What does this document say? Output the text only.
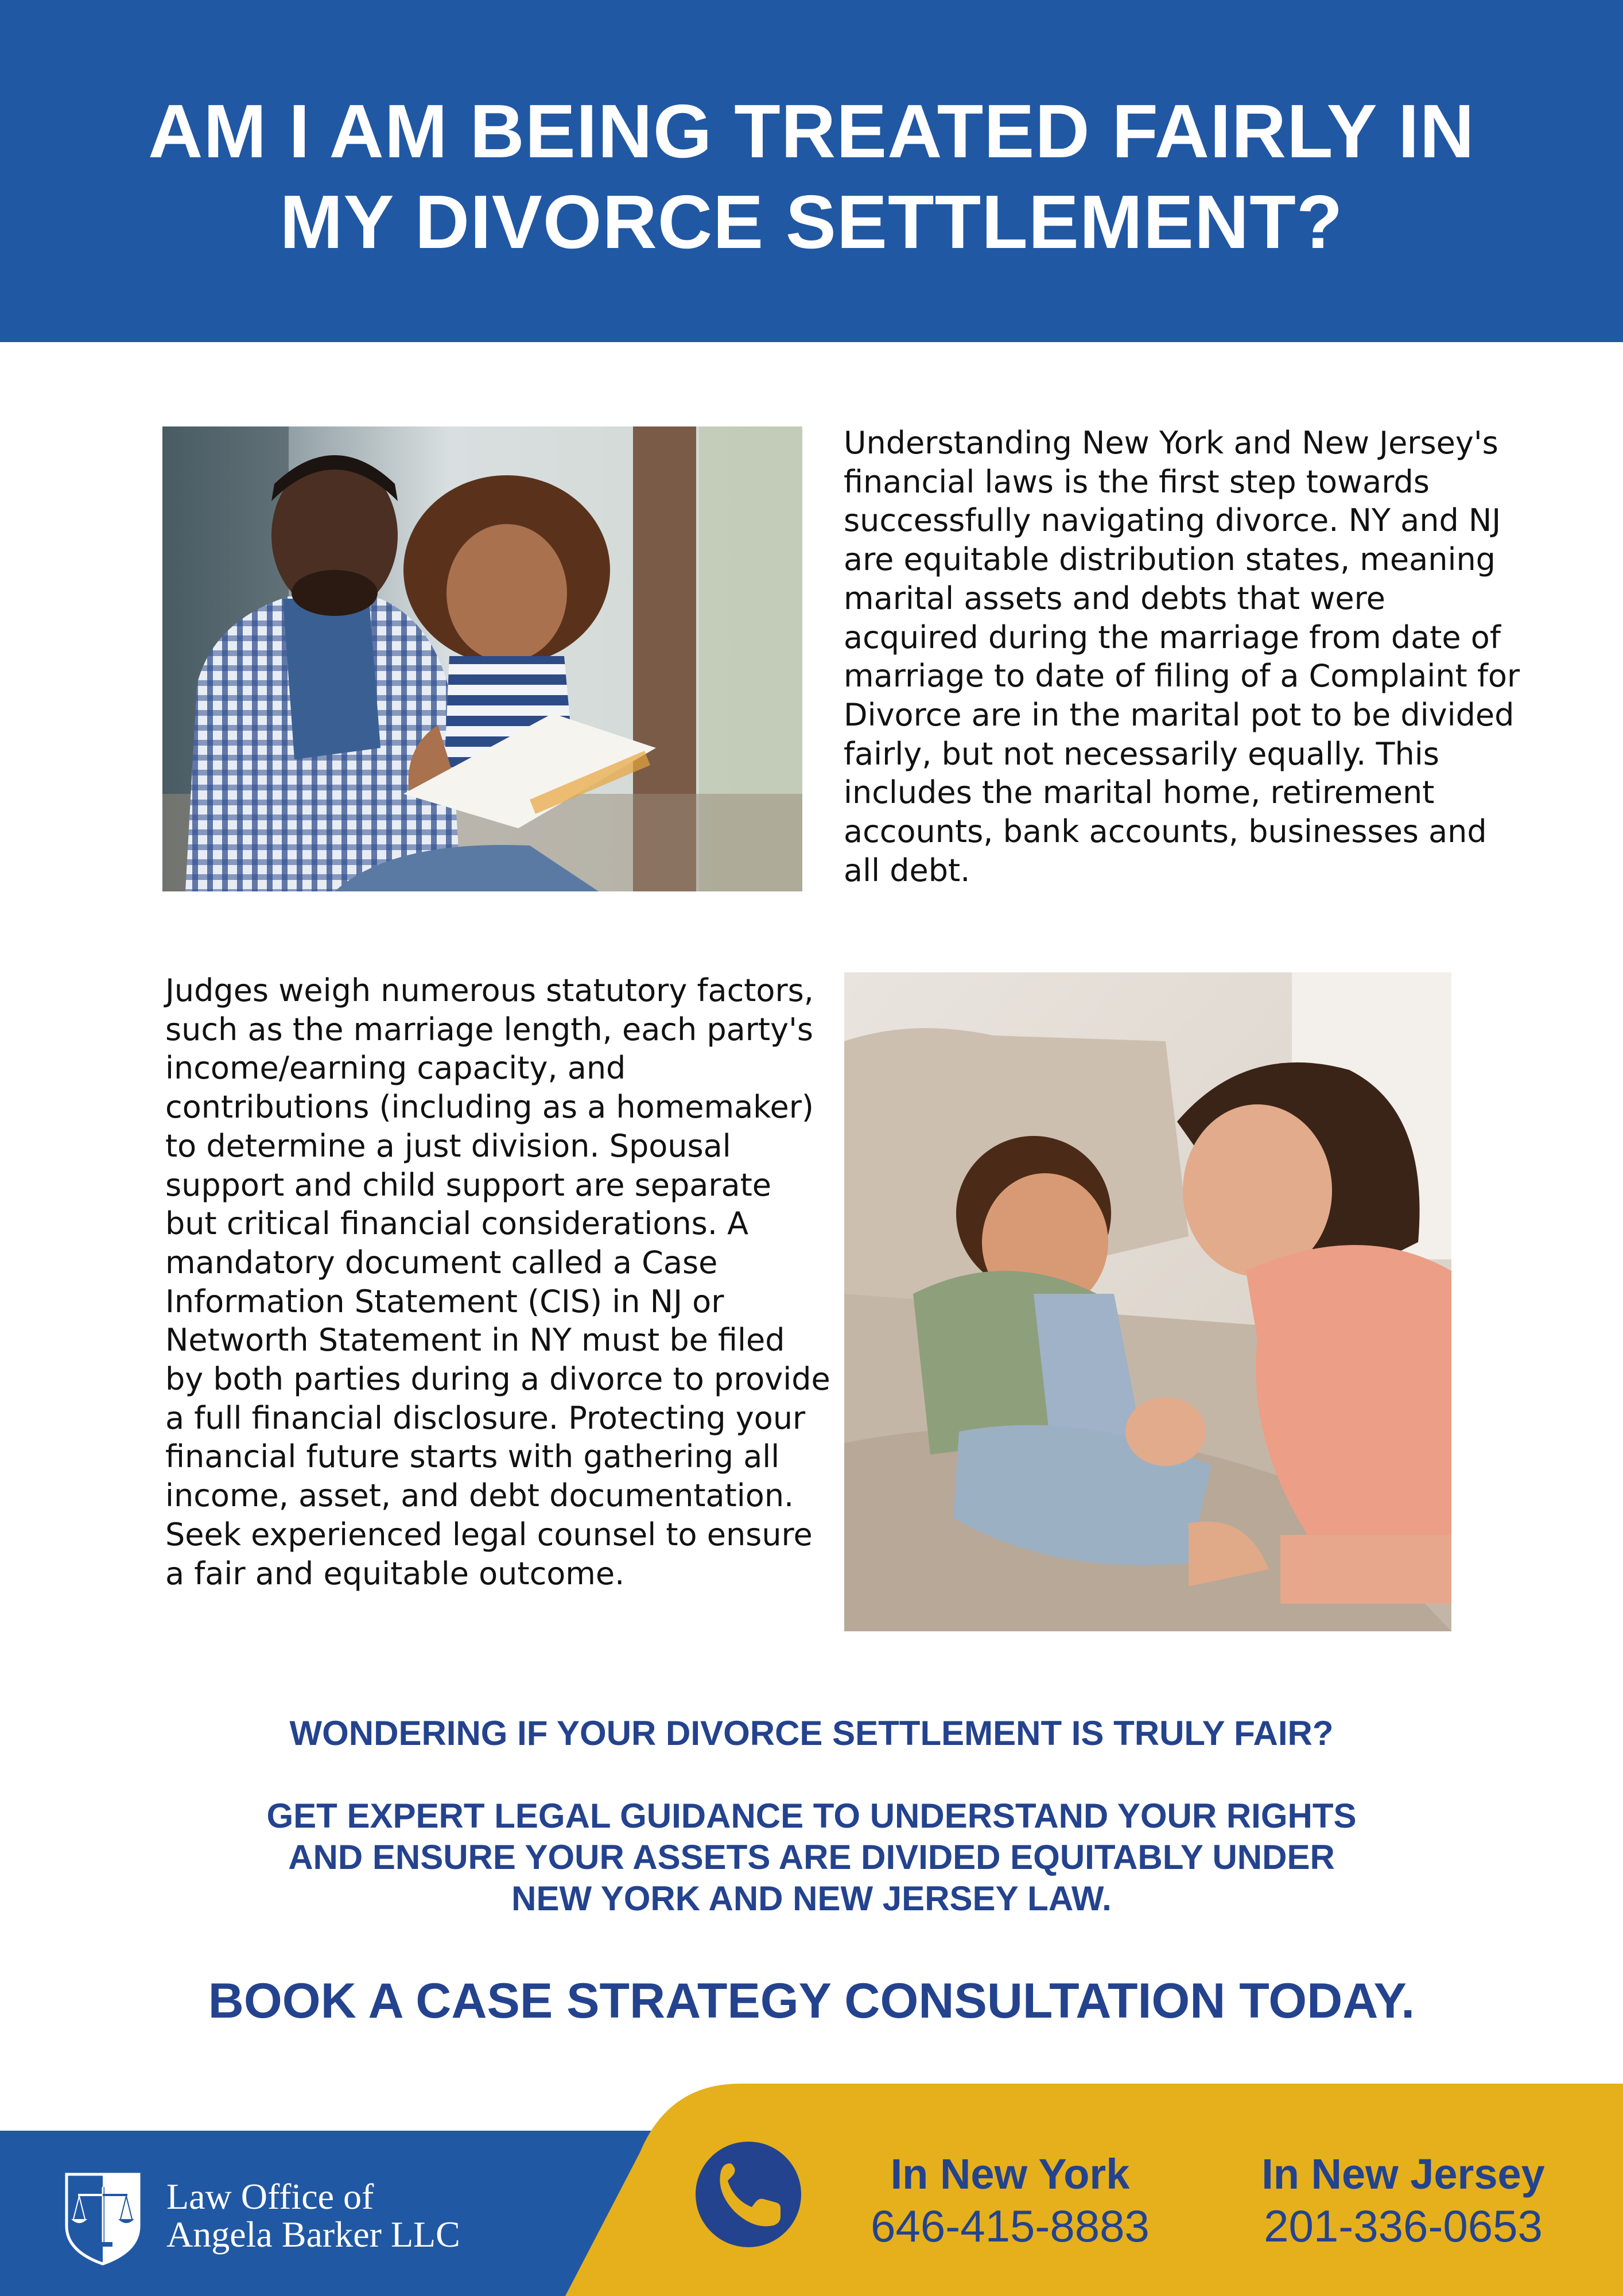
AM I AM BEING TREATED FAIRLY IN
MY DIVORCE SETTLEMENT?

Understanding New York and New Jersey's financial laws is the first step towards successfully navigating divorce. NY and NJ are equitable distribution states, meaning marital assets and debts that were acquired during the marriage from date of marriage to date of filing of a Complaint for Divorce are in the marital pot to be divided fairly, but not necessarily equally. This includes the marital home, retirement accounts, bank accounts, businesses and all debt.

Judges weigh numerous statutory factors, such as the marriage length, each party's income/earning capacity, and contributions (including as a homemaker) to determine a just division. Spousal support and child support are separate but critical financial considerations. A mandatory document called a Case Information Statement (CIS) in NJ or Networth Statement in NY must be filed by both parties during a divorce to provide a full financial disclosure. Protecting your financial future starts with gathering all income, asset, and debt documentation. Seek experienced legal counsel to ensure a fair and equitable outcome.

WONDERING IF YOUR DIVORCE SETTLEMENT IS TRULY FAIR?

GET EXPERT LEGAL GUIDANCE TO UNDERSTAND YOUR RIGHTS
AND ENSURE YOUR ASSETS ARE DIVIDED EQUITABLY UNDER
NEW YORK AND NEW JERSEY LAW.

BOOK A CASE STRATEGY CONSULTATION TODAY.

Law Office of
Angela Barker LLC
In New York
646-415-8883
In New Jersey
201-336-0653
